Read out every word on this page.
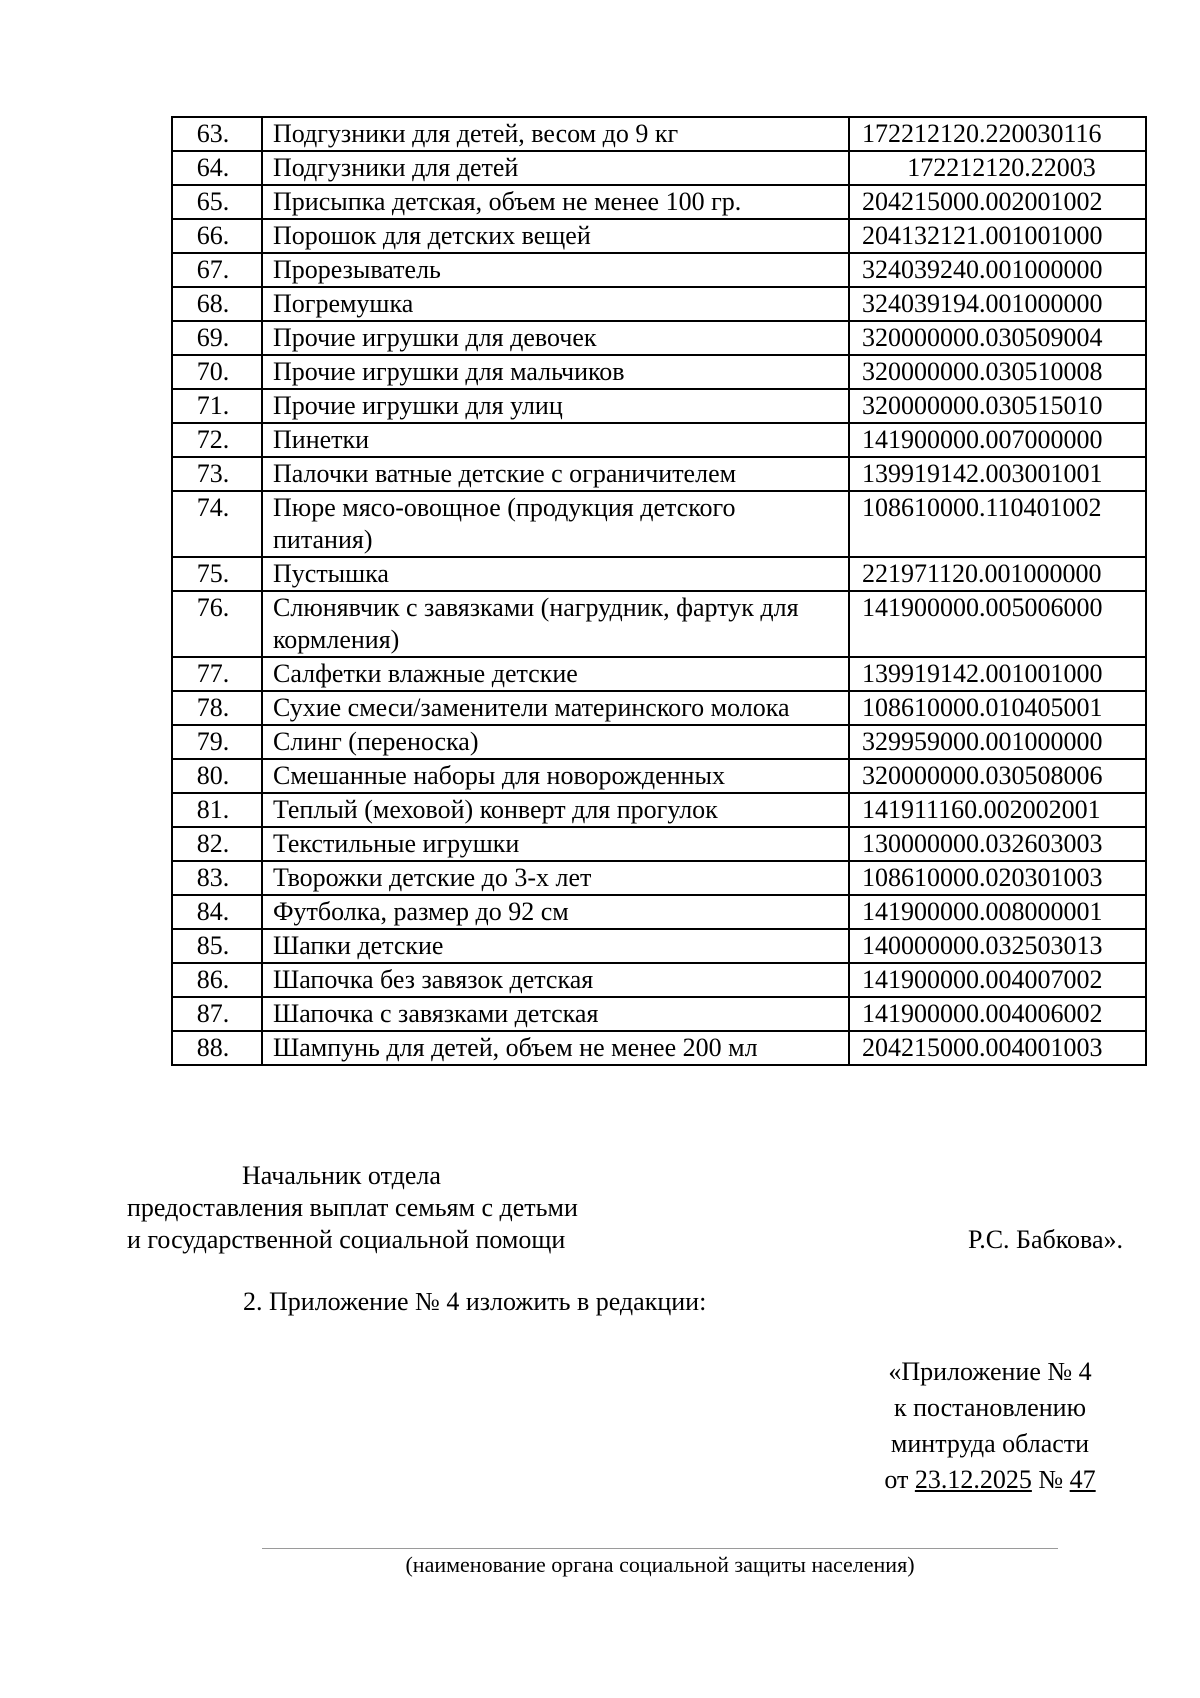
63.	Подгузники для детей, весом до 9 кг	172212120.220030116
64.	Подгузники для детей	172212120.22003
65.	Присыпка детская, объем не менее 100 гр.	204215000.002001002
66.	Порошок для детских вещей	204132121.001001000
67.	Прорезыватель	324039240.001000000
68.	Погремушка	324039194.001000000
69.	Прочие игрушки для девочек	320000000.030509004
70.	Прочие игрушки для мальчиков	320000000.030510008
71.	Прочие игрушки для улиц	320000000.030515010
72.	Пинетки	141900000.007000000
73.	Палочки ватные детские с ограничителем	139919142.003001001
74.	Пюре мясо-овощное (продукция детского питания)	108610000.110401002
75.	Пустышка	221971120.001000000
76.	Слюнявчик с завязками (нагрудник, фартук для кормления)	141900000.005006000
77.	Салфетки влажные детские	139919142.001001000
78.	Сухие смеси/заменители материнского молока	108610000.010405001
79.	Слинг (переноска)	329959000.001000000
80.	Смешанные наборы для новорожденных	320000000.030508006
81.	Теплый (меховой) конверт для прогулок	141911160.002002001
82.	Текстильные игрушки	130000000.032603003
83.	Творожки детские до 3-х лет	108610000.020301003
84.	Футболка, размер до 92 см	141900000.008000001
85.	Шапки детские	140000000.032503013
86.	Шапочка без завязок детская	141900000.004007002
87.	Шапочка с завязками детская	141900000.004006002
88.	Шампунь для детей, объем не менее 200 мл	204215000.004001003
Начальник отдела
предоставления выплат семьям с детьми
и государственной социальной помощи	Р.С. Бабкова».
2. Приложение № 4 изложить в редакции:
«Приложение № 4
к постановлению
минтруда области
от 23.12.2025 № 47
(наименование органа социальной защиты населения)
